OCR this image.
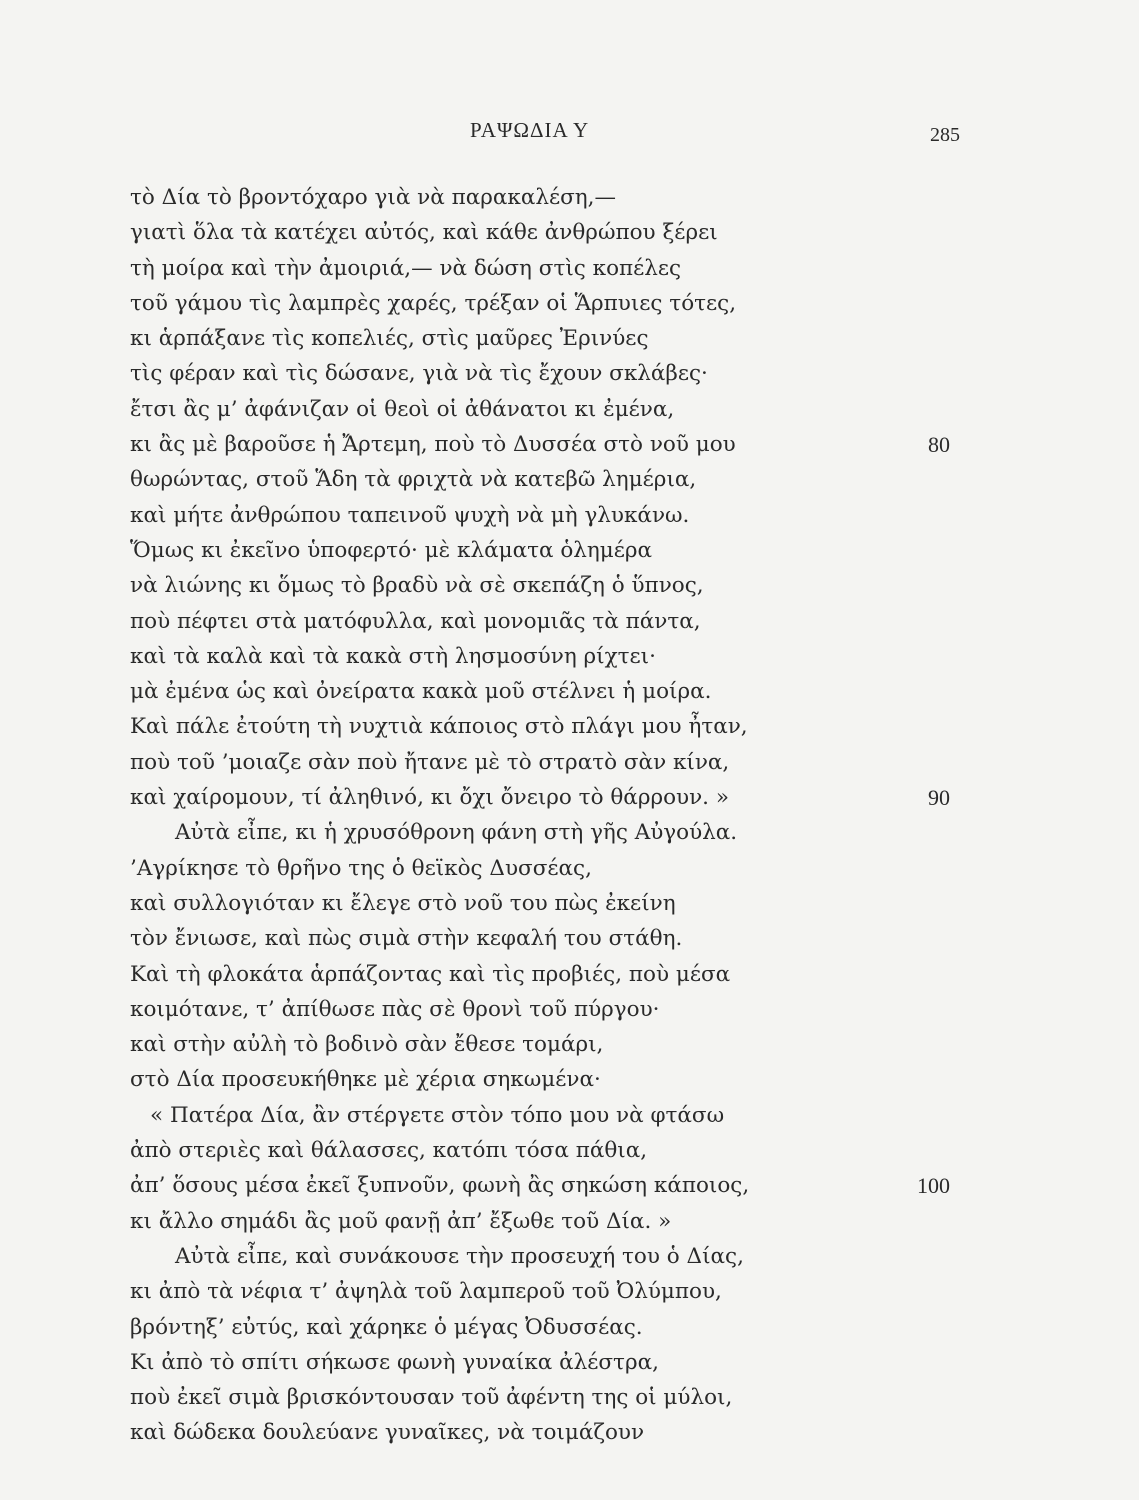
ΡΑΨΩΔΙΑ Υ	285
τὸ Δία τὸ βροντόχαρο γιὰ νὰ παρακαλέση,—
γιατὶ ὅλα τὰ κατέχει αὐτός, καὶ κάθε ἀνθρώπου ξέρει
τὴ μοίρα καὶ τὴν ἀμοιριά,— νὰ δώση στὶς κοπέλες
τοῦ γάμου τὶς λαμπρὲς χαρές, τρέξαν οἱ Ἅρπυιες τότες,
κι ἁρπάξανε τὶς κοπελιές, στὶς μαῦρες Ἐρινύες
τὶς φέραν καὶ τὶς δώσανε, γιὰ νὰ τὶς ἔχουν σκλάβες·
ἔτσι ἂς μ’ ἀφάνιζαν οἱ θεοὶ οἱ ἀθάνατοι κι ἐμένα,
κι ἂς μὲ βαροῦσε ἡ Ἄρτεμη, ποὺ τὸ Δυσσέα στὸ νοῦ μου	80
θωρώντας, στοῦ Ἅδη τὰ φριχτὰ νὰ κατεβῶ λημέρια,
καὶ μήτε ἀνθρώπου ταπεινοῦ ψυχὴ νὰ μὴ γλυκάνω.
Ὅμως κι ἐκεῖνο ὑποφερτό· μὲ κλάματα ὁλημέρα
νὰ λιώνης κι ὅμως τὸ βραδὺ νὰ σὲ σκεπάζη ὁ ὕπνος,
ποὺ πέφτει στὰ ματόφυλλα, καὶ μονομιᾶς τὰ πάντα,
καὶ τὰ καλὰ καὶ τὰ κακὰ στὴ λησμοσύνη ρίχτει·
μὰ ἐμένα ὡς καὶ ὀνείρατα κακὰ μοῦ στέλνει ἡ μοίρα.
Καὶ πάλε ἐτούτη τὴ νυχτιὰ κάποιος στὸ πλάγι μου ἦταν,
ποὺ τοῦ ’μοιαζε σὰν ποὺ ἤτανε μὲ τὸ στρατὸ σὰν κίνα,
καὶ χαίρομουν, τί ἀληθινό, κι ὄχι ὄνειρο τὸ θάρρουν. »	90
Αὐτὰ εἶπε, κι ἡ χρυσόθρονη φάνη στὴ γῆς Αὐγούλα.
’Αγρίκησε τὸ θρῆνο της ὁ θεϊκὸς Δυσσέας,
καὶ συλλογιόταν κι ἔλεγε στὸ νοῦ του πὼς ἐκείνη
τὸν ἔνιωσε, καὶ πὼς σιμὰ στὴν κεφαλή του στάθη.
Καὶ τὴ φλοκάτα ἁρπάζοντας καὶ τὶς προβιές, ποὺ μέσα
κοιμότανε, τ’ ἀπίθωσε πὰς σὲ θρονὶ τοῦ πύργου·
καὶ στὴν αὐλὴ τὸ βοδινὸ σὰν ἔθεσε τομάρι,
στὸ Δία προσευκήθηκε μὲ χέρια σηκωμένα·
« Πατέρα Δία, ἂν στέργετε στὸν τόπο μου νὰ φτάσω
ἀπὸ στεριὲς καὶ θάλασσες, κατόπι τόσα πάθια,
ἀπ’ ὅσους μέσα ἐκεῖ ξυπνοῦν, φωνὴ ἂς σηκώση κάποιος,	100
κι ἄλλο σημάδι ἂς μοῦ φανῇ ἀπ’ ἔξωθε τοῦ Δία. »
Αὐτὰ εἶπε, καὶ συνάκουσε τὴν προσευχή του ὁ Δίας,
κι ἀπὸ τὰ νέφια τ’ ἀψηλὰ τοῦ λαμπεροῦ τοῦ Ὀλύμπου,
βρόντηξ’ εὐτύς, καὶ χάρηκε ὁ μέγας Ὀδυσσέας.
Κι ἀπὸ τὸ σπίτι σήκωσε φωνὴ γυναίκα ἀλέστρα,
ποὺ ἐκεῖ σιμὰ βρισκόντουσαν τοῦ ἀφέντη της οἱ μύλοι,
καὶ δώδεκα δουλεύανε γυναῖκες, νὰ τοιμάζουν
